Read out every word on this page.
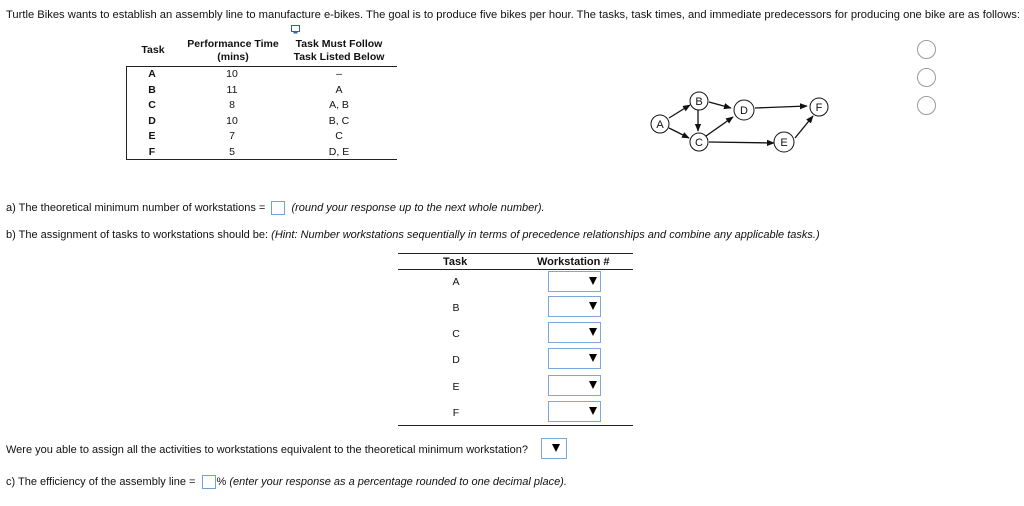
Turtle Bikes wants to establish an assembly line to manufacture e-bikes. The goal is to produce five bikes per hour. The tasks, task times, and immediate predecessors for producing one bike are as follows:
Task	Performance Time
(mins)
Task Must Follow
Task Listed Below
A	10	–
B	11	A
C	8	A, B
D	10	B, C
E	7	C
F	5	D, E
A
B
C
D
E
F
a) The theoretical minimum number of workstations = (round your response up to the next whole number).
b) The assignment of tasks to workstations should be: (Hint: Number workstations sequentially in terms of precedence relationships and combine any applicable tasks.)
Task	Workstation #
A
B
C
D
E
F
Were you able to assign all the activities to workstations equivalent to the theoretical minimum workstation?
c) The efficiency of the assembly line = % (enter your response as a percentage rounded to one decimal place).
